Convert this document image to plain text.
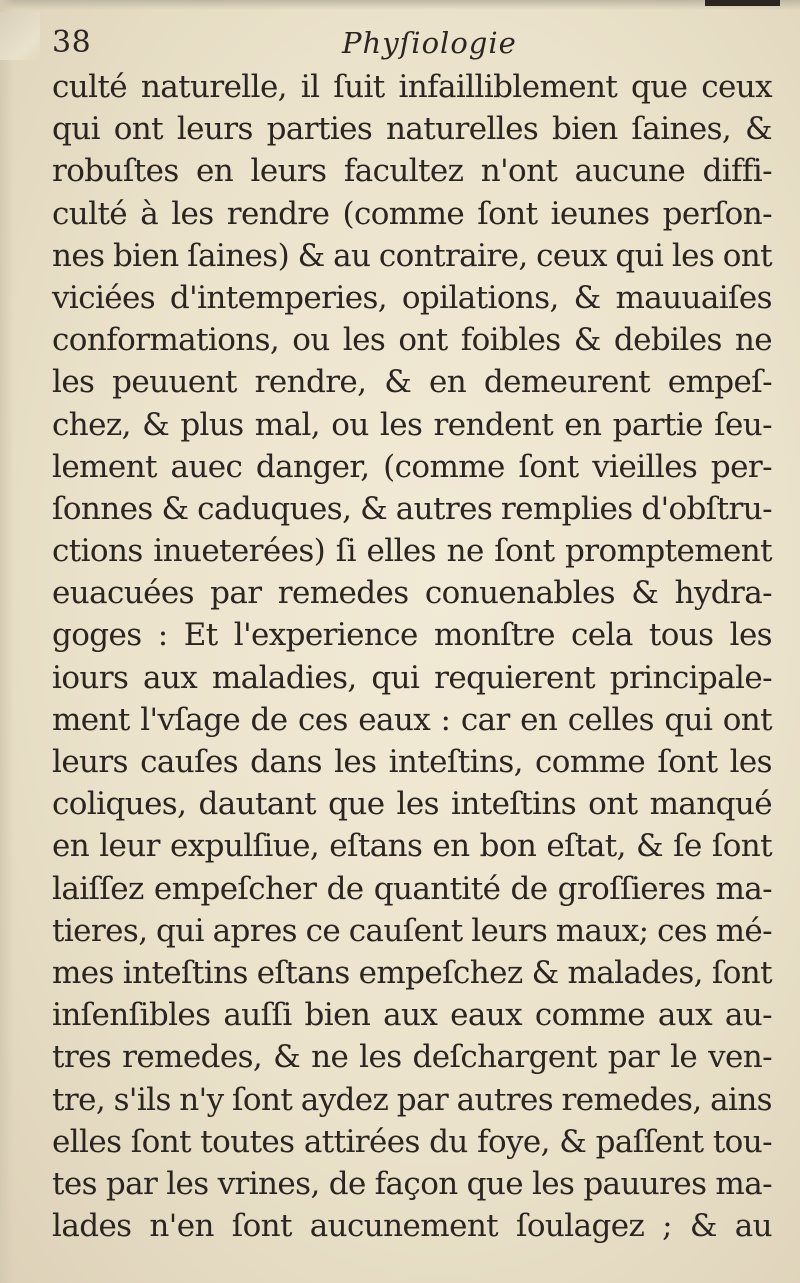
38	Phyſiologie
culté naturelle, il ſuit infailliblement que ceux
qui ont leurs parties naturelles bien ſaines, &
robuſtes en leurs facultez n'ont aucune diffi-
culté à les rendre (comme ſont ieunes perſon-
nes bien ſaines) & au contraire, ceux qui les ont
viciées d'intemperies, opilations, & mauuaiſes
conformations, ou les ont foibles & debiles ne
les peuuent rendre, & en demeurent empeſ-
chez, & plus mal, ou les rendent en partie ſeu-
lement auec danger, (comme ſont vieilles per-
ſonnes & caduques, & autres remplies d'obſtru-
ctions inueterées) ſi elles ne ſont promptement
euacuées par remedes conuenables & hydra-
goges : Et l'experience monſtre cela tous les
iours aux maladies, qui requierent principale-
ment l'vſage de ces eaux : car en celles qui ont
leurs cauſes dans les inteſtins, comme ſont les
coliques, dautant que les inteſtins ont manqué
en leur expulſiue, eſtans en bon eſtat, & ſe ſont
laiſſez empeſcher de quantité de groſſieres ma-
tieres, qui apres ce cauſent leurs maux; ces mé-
mes inteſtins eſtans empeſchez & malades, ſont
inſenſibles auſſi bien aux eaux comme aux au-
tres remedes, & ne les deſchargent par le ven-
tre, s'ils n'y ſont aydez par autres remedes, ains
elles ſont toutes attirées du foye, & paſſent tou-
tes par les vrines, de façon que les pauures ma-
lades n'en ſont aucunement ſoulagez ; & au
